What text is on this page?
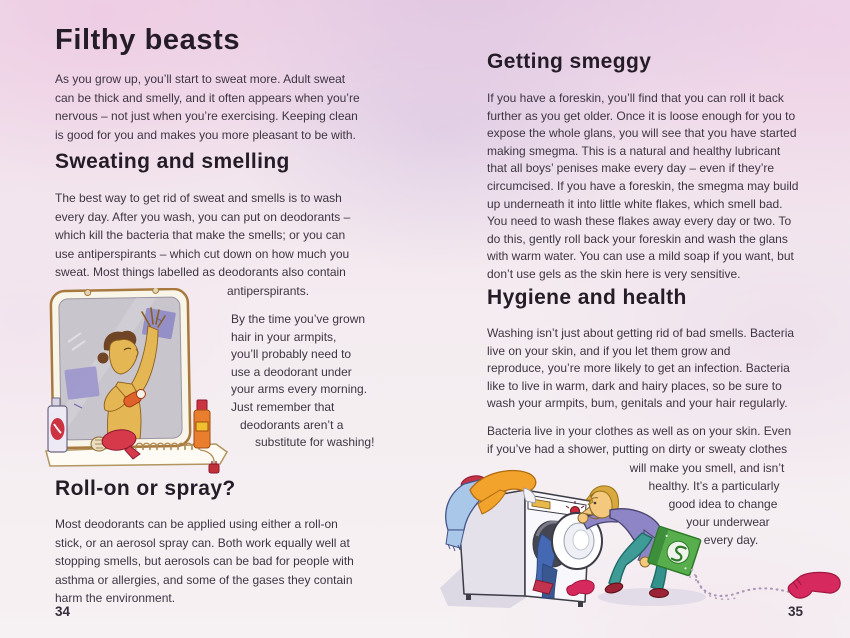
Filthy beasts
As you grow up, you’ll start to sweat more. Adult sweat
can be thick and smelly, and it often appears when you’re
nervous – not just when you’re exercising. Keeping clean
is good for you and makes you more pleasant to be with.
Sweating and smelling
The best way to get rid of sweat and smells is to wash
every day. After you wash, you can put on deodorants –
which kill the bacteria that make the smells; or you can
use antiperspirants – which cut down on how much you
sweat. Most things labelled as deodorants also contain
antiperspirants.
By the time you’ve grown
hair in your armpits,
you’ll probably need to
use a deodorant under
your arms every morning.
Just remember that
deodorants aren’t a
substitute for washing!
Roll-on or spray?
Most deodorants can be applied using either a roll-on
stick, or an aerosol spray can. Both work equally well at
stopping smells, but aerosols can be bad for people with
asthma or allergies, and some of the gases they contain
harm the environment.
34
Getting smeggy
If you have a foreskin, you’ll find that you can roll it back
further as you get older. Once it is loose enough for you to
expose the whole glans, you will see that you have started
making smegma. This is a natural and healthy lubricant
that all boys’ penises make every day – even if they’re
circumcised. If you have a foreskin, the smegma may build
up underneath it into little white flakes, which smell bad.
You need to wash these flakes away every day or two. To
do this, gently roll back your foreskin and wash the glans
with warm water. You can use a mild soap if you want, but
don’t use gels as the skin here is very sensitive.
Hygiene and health
Washing isn’t just about getting rid of bad smells. Bacteria
live on your skin, and if you let them grow and
reproduce, you’re more likely to get an infection. Bacteria
like to live in warm, dark and hairy places, so be sure to
wash your armpits, bum, genitals and your hair regularly.
Bacteria live in your clothes as well as on your skin. Even
if you’ve had a shower, putting on dirty or sweaty clothes
will make you smell, and isn’t
healthy. It’s a particularly
good idea to change
your underwear
every day.
35
